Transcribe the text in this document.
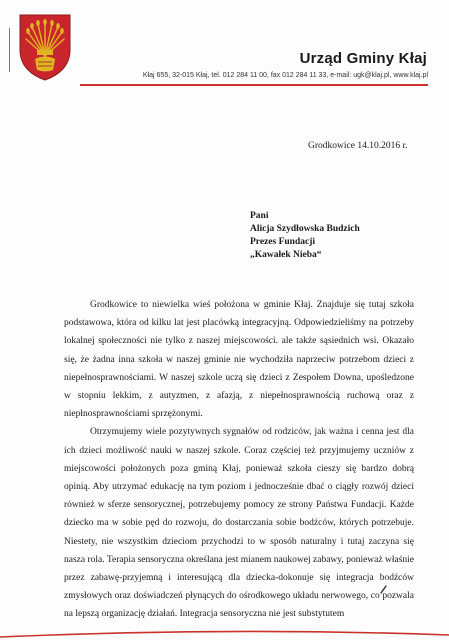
Urząd Gminy Kłaj
Kłaj 655, 32-015 Kłaj, tel. 012 284 11 00, fax 012 284 11 33, e-mail: ugk@klaj.pl, www.klaj.pl
Grodkowice 14.10.2016 r.
Pani
Alicja Szydłowska Budzich
Prezes Fundacji
„Kawałek Nieba“

Grodkowice to niewielka wieś położona w gminie Kłaj. Znajduje się tutaj szkoła podstawowa, która od kilku lat jest placówką integracyjną. Odpowiedzieliśmy na potrzeby lokalnej społeczności nie tylko z naszej miejscowości. ale także sąsiednich wsi. Okazało się, że żadna inna szkoła w naszej gminie nie wychodziła naprzeciw potrzebom dzieci z niepełnosprawnościami. W naszej szkole uczą się dzieci z Zespołem Downa, upośledzone w stopniu lekkim, z autyzmen, z afazją, z niepełnosprawnością ruchową oraz z niepłnosprawnościami sprzężonymi.

Otrzymujemy wiele pozytywnych sygnałów od rodziców, jak ważna i cenna jest dla ich dzieci możliwość nauki w naszej szkole. Coraz częściej też przyjmujemy uczniów z miejscowości położonych poza gminą Kłaj, ponieważ szkoła cieszy się bardzo dobrą opinią. Aby utrzymać edukację na tym poziom i jednocześnie dbać o ciągły rozwój dzieci również w sferze sensorycznej, potrzebujemy pomocy ze strony Państwa Fundacji. Każde dziecko ma w sobie pęd do rozwoju, do dostarczania sobie bodźców, których potrzebuje. Niestety, nie wszystkim dzieciom przychodzi to w sposób naturalny i tutaj zaczyna się nasza rola. Terapia sensoryczna określana jest mianem naukowej zabawy, ponieważ właśnie przez zabawę-przyjemną i interesującą dla dziecka-dokonuje się integracja bodźców zmysłowych oraz doświadczeń płynących do ośrodkowego układu nerwowego, co pozwala na lepszą organizację działań. Integracja sensoryczna nie jest substytutem
